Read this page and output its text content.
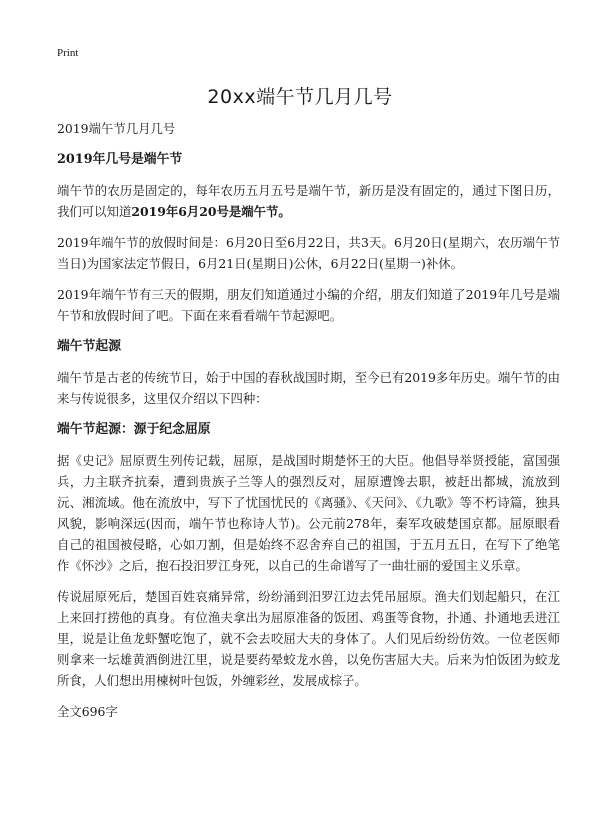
Print
20xx端午节几月几号

2019端午节几月几号

2019年几号是端午节

端午节的农历是固定的，每年农历五月五号是端午节，新历是没有固定的，通过下图日历，我们可以知道2019年6月20号是端午节。

2019年端午节的放假时间是：6月20日至6月22日，共3天。6月20日(星期六，农历端午节当日)为国家法定节假日，6月21日(星期日)公休，6月22日(星期一)补休。

2019年端午节有三天的假期，朋友们知道通过小编的介绍，朋友们知道了2019年几号是端午节和放假时间了吧。下面在来看看端午节起源吧。

端午节起源

端午节是古老的传统节日，始于中国的春秋战国时期，至今已有2019多年历史。端午节的由来与传说很多，这里仅介绍以下四种：

端午节起源：源于纪念屈原

据《史记》屈原贾生列传记载，屈原，是战国时期楚怀王的大臣。他倡导举贤授能，富国强兵，力主联齐抗秦，遭到贵族子兰等人的强烈反对，屈原遭馋去职，被赶出都城，流放到沅、湘流域。他在流放中，写下了忧国忧民的《离骚》、《天问》、《九歌》等不朽诗篇，独具风貌，影响深远(因而，端午节也称诗人节)。公元前278年，秦军攻破楚国京都。屈原眼看自己的祖国被侵略，心如刀割，但是始终不忍舍弃自己的祖国，于五月五日，在写下了绝笔作《怀沙》之后，抱石投汨罗江身死，以自己的生命谱写了一曲壮丽的爱国主义乐章。

传说屈原死后，楚国百姓哀痛异常，纷纷涌到汨罗江边去凭吊屈原。渔夫们划起船只，在江上来回打捞他的真身。有位渔夫拿出为屈原准备的饭团、鸡蛋等食物，扑通、扑通地丢进江里，说是让鱼龙虾蟹吃饱了，就不会去咬屈大夫的身体了。人们见后纷纷仿效。一位老医师则拿来一坛雄黄酒倒进江里，说是要药晕蛟龙水兽，以免伤害屈大夫。后来为怕饭团为蛟龙所食，人们想出用楝树叶包饭，外缠彩丝，发展成棕子。

全文696字
